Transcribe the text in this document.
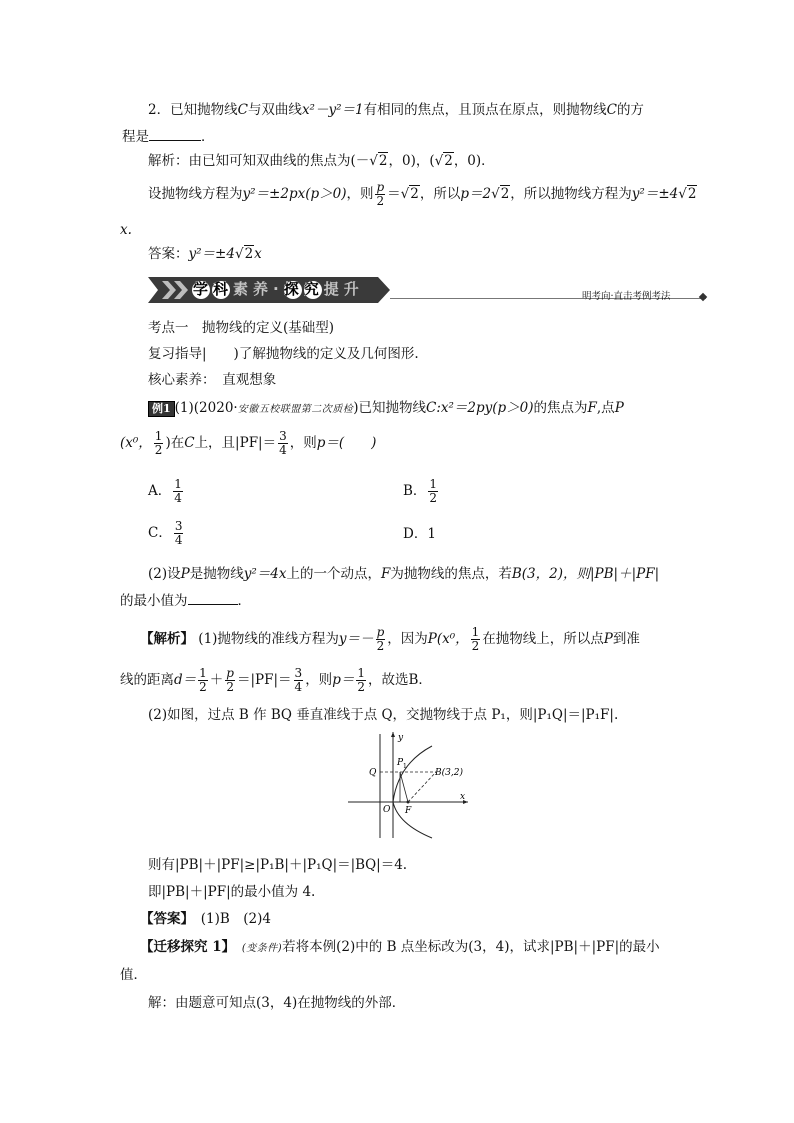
2．已知抛物线C与双曲线x²－y²＝1有相同的焦点，且顶点在原点，则抛物线C的方
程是	．
解析：由已知可知双曲线的焦点为(－√2，0)，(√2，0)．
设抛物线方程为y²＝±2px(p＞0)，则 $\frac{p}{2} =√2$，所以p＝2√2，所以抛物线方程为y²＝±4√2
x.
答案：y²＝±4√2x
学科素养·探究提升	明考向·直击考例考法
考点一　抛物线的定义(基础型)
复习指导|　　)了解抛物线的定义及几何图形.
核心素养：　直观想象
例1 (1)(2020·安徽五校联盟第二次质检)已知抛物线C:x²＝2py(p＞0)的焦点为F,点P
(x⁰， $\frac{1}{2}$ )在C上，且$|PF|= \frac{3}{4}$ ，则p＝(　　)
A． $\frac{1}{4}$	B． $\frac{1}{2}$
C． $\frac{3}{4}$	D．1
(2)设P是抛物线y²＝4x上的一个动点，F为抛物线的焦点，若B(3，2)，则|PB|＋|PF|
的最小值为	．
【解析】 (1)抛物线的准线方程为$y=- \frac{p}{2}$ ，因为P(x⁰， $\frac{1}{2}$ 在抛物线上，所以点P到准
线的距离$d= \frac{1}{2} + \frac{p}{2} =|PF|= \frac{3}{4}$ ，则$p= \frac{1}{2}$ ，故选B．
(2)如图，过点 B 作 BQ 垂直准线于点 Q，交抛物线于点 P₁，则|P₁Q|＝|P₁F|.
y
x
O F
Q
P 1
B(3,2)
则有|PB|＋|PF|≥|P₁B|＋|P₁Q|＝|BQ|＝4.
即|PB|＋|PF|的最小值为 4.
【答案】　 (1)B　(2)4
【迁移探究 1】　 (变条件)若将本例(2)中的 B 点坐标改为(3，4)，试求|PB|＋|PF|的最小
值．
解：由题意可知点(3，4)在抛物线的外部．
